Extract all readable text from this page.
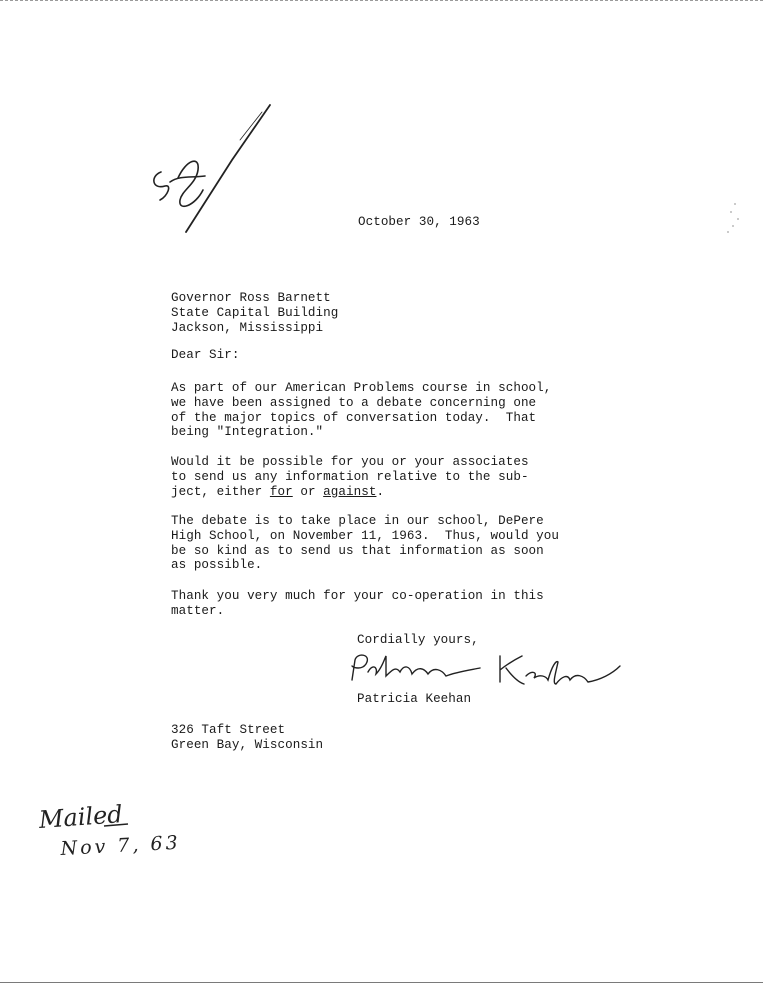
October 30, 1963
Governor Ross Barnett
State Capital Building
Jackson, Mississippi
Dear Sir:
As part of our American Problems course in school,
we have been assigned to a debate concerning one
of the major topics of conversation today.  That
being "Integration."
Would it be possible for you or your associates
to send us any information relative to the sub-
ject, either for or against.
The debate is to take place in our school, DePere
High School, on November 11, 1963.  Thus, would you
be so kind as to send us that information as soon
as possible.
Thank you very much for your co-operation in this
matter.
Cordially yours,
Patricia Keehan
326 Taft Street
Green Bay, Wisconsin
Mailed
Nov 7, 63
